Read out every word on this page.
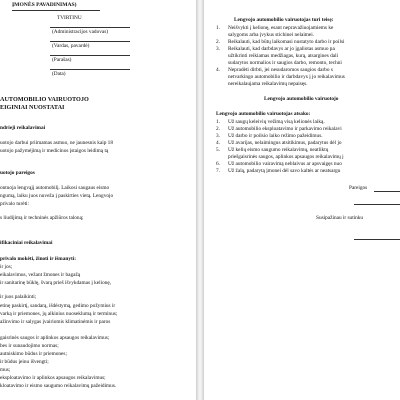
ĮMONĖS PAVADINIMAS)
TVIRTINU
(Administracijos vadovas)
(Vardas, pavardė)
(Parašas)
(Data)
AUTOMOBILIO VAIRUOTOJO
EIGINIAI NUOSTATAI
ndrieji reikalavimai
uotojo darbui priimamas asmuo, ne jaunesnis kaip 18
uotojo pažymėjimą ir medicinos įstaigos leidimą tą
uotojo pareigos
ontuoja lengvąjį automobilį. Laikosi saugaus eismo
ngumą, laiku juos nuveža į paskirties vietą. Lengvojo
privalo turėti:
s liudijimą ir techninės apžiūros taloną;
ifikaciniai reikalavimai
privalo mokėti, žinoti ir išmanyti:
ir jos;
eikalavimus, vežant žmones ir bagažą
ir sanitarinę būklę, švarą prieš išvykdamas į kelionę,
ir juos palaikinti;
etinę paskirtį, sandarą, išdėstymą, gedimo požymius ir
varką ir priemones, jų alkinius nuoseklumą ir terminus;
ažinvimo ir salygas įvairiomis klimatinėmis ir paros
gaisrinės saugos ir aplinkos apsaugos reikalavimus;
bes ir sunaudojimo normas;
autniskimo būdus ir priemones;
ir būdus įeinu išvengti;
mus;
eksploatavimo ir aplinkos apsaugos reikalavimus;
kloatavimo ir eismo saugumo reikalavimų pažeidimus.
Lengvojo automobilio vairuotojas turi teisę:
1. Neišvykti į kelionę, esant nepravažiuojamiems ke
salygoms arba įvykus stichinei nelaimei.
2. Reikalauti, kad būtų laikomasi nustatyto darbo ir poilsi
3. Reikalauti, kad darbdavys ar jo įgaliotas asmuo pa
užtikrinti reikiamas medžiagas, kurą, atsargines dali
sudarytos normalios ir saugios darbo, remonto, techni
4. Nepradėti dirbti, jei nesudaromos saugios darbo s
netvarkingo automobilio ir darbdavys į jo reikalavimus
nereikalaujama reikalavimų nepaisęs.
Lengvojo automobilio vairuotojo
Lengvojo automobilio vairuotojas atsako:
1. Už saugų keleivių vežimą visą kelionės laiką.
2. Už automobilio eksploatavimo ir parkavimo reikalavi
3. Už darbo ir poilsio laiko režimo pažeidimus.
4. Už avarijas, nelaimingus atsitikimus, padarytus dėl jo
5. Už kelių eismo saugumo reikalavimų, neatliktų
priešgaisrinės saugos, aplinkos apsaugos reikalavimų j
6. Už automobilio vairavimą neblaivus ar apsvaigęs nuo
7. Už žalą, padarytą įmonei dėl savo kaltės ar neatsargu
Pareigos
Susipažinau ir sutinku
